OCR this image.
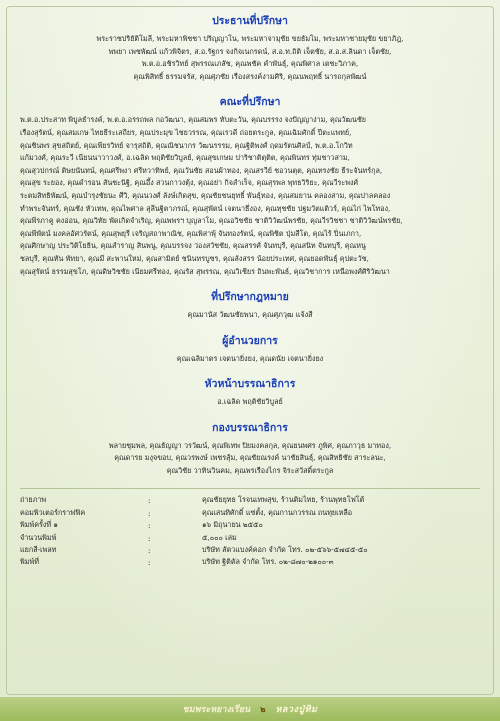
ประธานที่ปรึกษา

พระราชปริยัติโมลี, พระมหาพิชชา ปริญญาโน, พระมหาจามุชัย ขยธัมโม, พระมหาชายมุชัย ขยาภิฎ,

พพยา เพชพัฒน์ แก้วพิจิตร, ส.อ.รัฐกร จงกิจเนกรดน์, ส.อ.ท.ถิติ เจ็ตชัย, ส.อ.ส.ลินดา เจ็ตชัย,

พ.ต.อ.อชิรวิทย์ สุพรรณเภสัช, คุณพชัค คำพันธุ์, คุณพิศาล เตชะวิภาค,

คุณพิสิทธิ์ ธรรมจรัส, คุณศุภชัย เรืองสรงค์งามศิริ, คุณนพฤทธิ์ นารถกุลพัฒน์

คณะที่ปรึกษา

พ.ต.อ.ประสาท พิบูลธำรงค์, พ.ต.อ.อรรถพล กอวัฒนา, คุณสมพร ทับตะวัน, คุณบรรรง จงปัญญาง่าม, คุณวัฒนชัย

เรืองสุรัตน์, คุณสมเกษ ไทยธีระเสถียร, คุณประมุข ไชยวรรณ, คุณเรวดี ถ่อยตระกูล, คุณเฉิมศักดิ์ ปีตะแพทย์,

คุณชินพร สุขสถิตย์, คุณเพียรวิทย์ จารุสถิติ, คุณณิชนากร วัฒนรรรม, คุณฐิติพงศ์ ฤดมรัตนศิลป์, พ.ต.อ.โกวิท

แก้มวงศ์, คุณระวี เนียนนาวาวงศ์, อ.เฉลิด พฤติชัยวิบูลย์, คุณสุขเกษม ปาริชาติตุติต, คุณพินทร ทุ่มชาวสาม,

คุณสุวปกรณ์ ติษยนันทน์, คุณศรีพงา ศรีหวาทิพย์, คุณวันชัย สอนผ้าทอง, คุณสรวีย์ ชอวนตุต, คุณทรงชัย ธีระจันทร์กุล,

คุณสุข ระยอง, คุณดำรอน สันชะนิฐิ, คุณอึ้ง สวนกาวงตุ้ง, คุณอย่า กิจสำเร็จ, คุณสุรพล พุทธวิริยะ, คุณวีระพงศ์

ระตมสิทธิพัฒน์, คุณบำรุงชัยนะ ศีวิ, คุณนวงศ์ ลังษ์เกิดสุข, คุณชัยชนยุทธิ์ พันธุ์ทอง, คุณสมยาน คลองสาม, คุณปาลคลอง

ทำพระจันทร์, คุณชัง หัวเทพ, คุณไพศาล สุลีนฐิตาภรณ์, คุณสุพัตน์ เจตนาธึ่งอง, คุณทุชชัย ปฐมวัตแติวร์, คุณไก่ ไพโทอง,

คุณพีรภาคู คงอ่อน, คุณวิทัย พัดเกิดจำเริญ, คุณพพรฯ บุญลาโม, คุณอวิชชัย ชาติวิวัฒน์พรชัย, คุณวีรวิชชา ชาติวิวัฒน์พรชัย,

คุณพีพัตน์ มงคลอัศวรัตน์, คุณสุพยุรี เจริญสถาพาณิช, คุณพิสาพุ้ จันทองรัตน์, คุณพิชิต ปุ่มสีโต, คุณไร้ ปิ่นเภกา,

คุณศิกษาญ ประวิติโยธิน, คุณสำราญ สินพนู, คุณบรรจง ว่องสวัชชัย, คุณสรรศ์ จันทบุรี, คุณสนิท จันทบุรี, คุณหนู

ชลบุรี, คุณทัน พัทยา, คุณมี สะพานใหม่, คุณสามิตย์ ชนินทรบูชร, คุณลังสรร น้อยประเทศ, คุณยอดพันธุ์ คุปตะวัช,

คุณสุรัตน์ ธรรมสุขโภ, คุณดิษวิชชัย เนียมศรีทอง, คุณรัส สุพรรณ, คุณวิเชียร ถินพะพันธ์, คุณวิชาการ เหนือพงศ์ศิริวัฒนา

ที่ปรึกษากฎหมาย

คุณมานัส วัฒนชัยพนา, คุณศุภวุฒ แจ้งสี

ผู้อำนวยการ

คุณเฉลิมาตร เจตนายิ่งยง, คุณดนัย เจตนายิ่งยง

หัวหน้าบรรณาธิการ

อ.เฉลิด พฤติชัยวิบูลย์

กองบรรณาธิการ

พลายชุมพล, คุณธัญญา วรวัฒน์, คุณพิเทพ ปิยมงคลกุล, คุณยนพศร ภูพิศ, คุณภาวุธ มาทอง,

คุณดารย มงุจขอบ, คุณวรพงษ์ เพชรสุ้ม, คุณชัยณรงค์ นาชัยสินธุ์, คุณสิทธิชัย สาระลนะ,

คุณวิชัย วาทินวินคม, คุณพรเรืองไกร จิระสวัสดิ์ตระกูล

ถ่ายภาพ	:	คุณชัยยุทธ โรจนเทพสุข, ร้านติมไทย, ร้านพุทธโฟโต้
คอมพิวเตอร์กราฟฟิค	:	คุณเสนทิศักดิ์ แซ่ตั้ง, คุณกานกวรรณ ถนทุยเหลือ
พิมพ์ครั้งที่ ๑	:	๑๖ มิถุนายน ๒๕๕๐
จำนวนพิมพ์	:	๕,๐๐๐ เล่ม
แยกสี-เพลท	:	บริษัท สัตวแบงค์คอก จำกัด โทร. ๐๒-๕๖๖-๕๗๔๕-๕๐
พิมพ์ที่	:	บริษัท ฐิติตัล จำกัด โทร. ๐๒-๘๗๐-๒๑๐๐-๓
ชมพระหยางเรียน ๒ หลวงปู่ทิม
